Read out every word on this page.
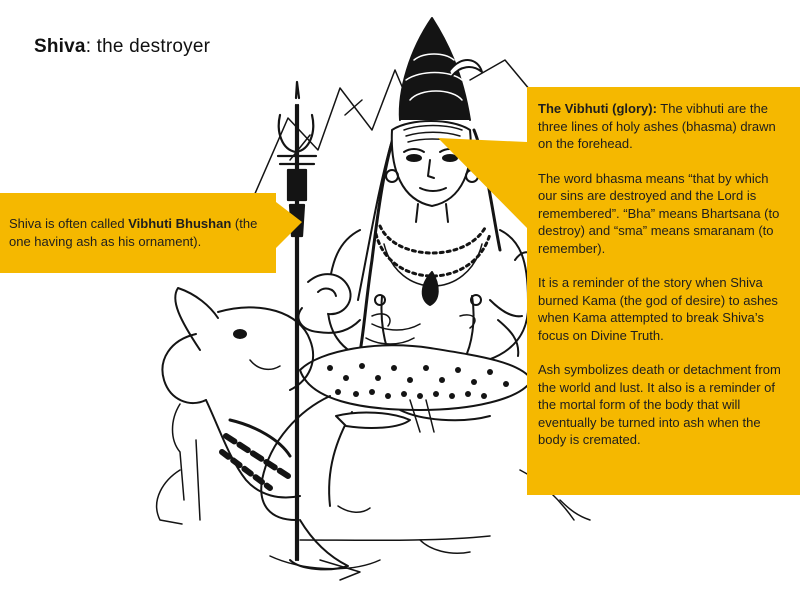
Shiva: the destroyer
Shiva is often called Vibhuti Bhushan (the one having ash as his ornament).

The Vibhuti (glory): The vibhuti are the three lines of holy ashes (bhasma) drawn on the forehead.

The word bhasma means “that by which our sins are destroyed and the Lord is remembered”. “Bha” means Bhartsana (to destroy) and “sma” means smaranam (to remember).

It is a reminder of the story when Shiva burned Kama (the god of desire) to ashes when Kama attempted to break Shiva’s focus on Divine Truth.

Ash symbolizes death or detachment from the world and lust. It also is a reminder of the mortal form of the body that will eventually be turned into ash when the body is cremated.
